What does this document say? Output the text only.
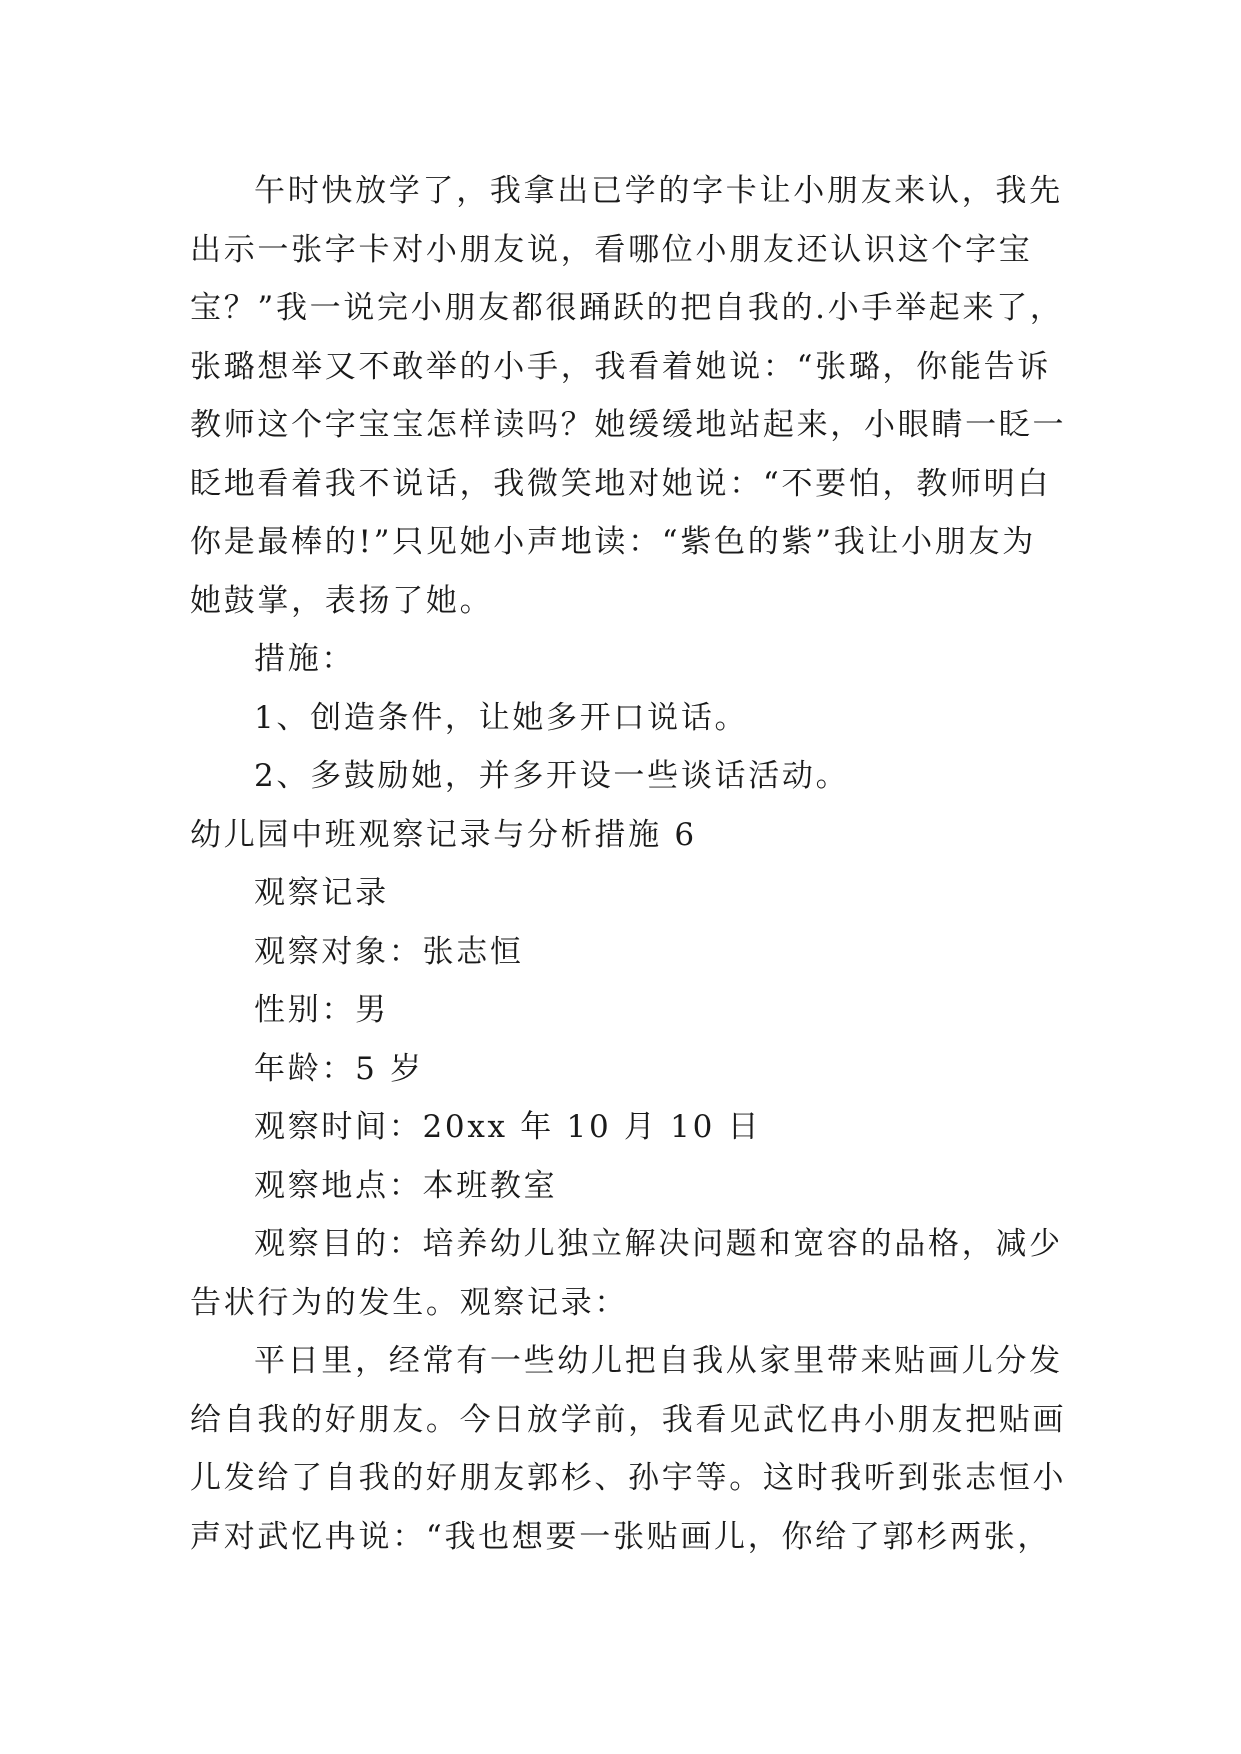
午时快放学了，我拿出已学的字卡让小朋友来认，我先
出示一张字卡对小朋友说，看哪位小朋友还认识这个字宝
宝？”我一说完小朋友都很踊跃的把自我的.小手举起来了，
张璐想举又不敢举的小手，我看着她说：“张璐，你能告诉
教师这个字宝宝怎样读吗？她缓缓地站起来，小眼睛一眨一
眨地看着我不说话，我微笑地对她说：“不要怕，教师明白
你是最棒的!”只见她小声地读：“紫色的紫”我让小朋友为
她鼓掌，表扬了她。
措施：
1、创造条件，让她多开口说话。
2、多鼓励她，并多开设一些谈话活动。
幼儿园中班观察记录与分析措施 6
观察记录
观察对象：张志恒
性别：男
年龄：5 岁
观察时间：20xx 年 10 月 10 日
观察地点：本班教室
观察目的：培养幼儿独立解决问题和宽容的品格，减少
告状行为的发生。观察记录：
平日里，经常有一些幼儿把自我从家里带来贴画儿分发
给自我的好朋友。今日放学前，我看见武忆冉小朋友把贴画
儿发给了自我的好朋友郭杉、孙宇等。这时我听到张志恒小
声对武忆冉说：“我也想要一张贴画儿，你给了郭杉两张，
